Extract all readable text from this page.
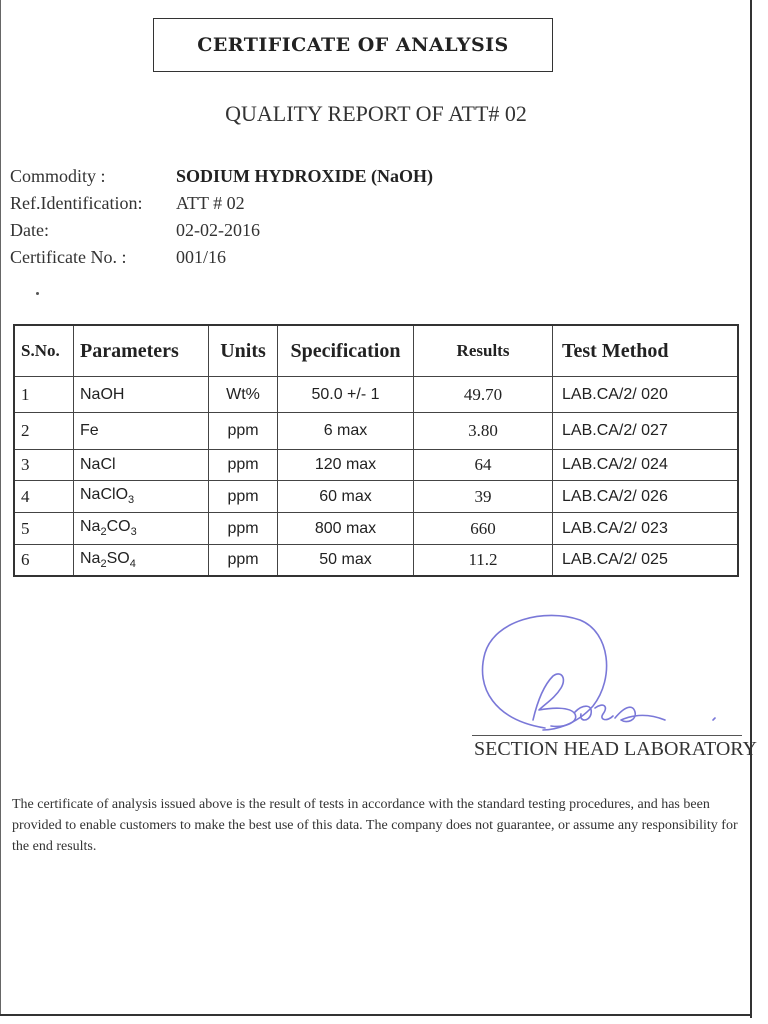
CERTIFICATE OF ANALYSIS
QUALITY REPORT OF ATT# 02
Commodity :	SODIUM HYDROXIDE (NaOH)
Ref.Identification: ATT # 02
Date:	02-02-2016
Certificate No. :	001/16
S.No.	Parameters	Units	Specification	Results	Test Method
1	NaOH	Wt%	50.0 +/- 1	49.70	LAB.CA/2/ 020
2	Fe	ppm	6 max	3.80	LAB.CA/2/ 027
3	NaCl	ppm	120 max	64	LAB.CA/2/ 024
4	NaClO$_3$	ppm	60 max	39	LAB.CA/2/ 026
5	$Na_2CO_3$	ppm	800 max	660	LAB.CA/2/ 023
6	$Na_2SO_4$	ppm	50 max	11.2	LAB.CA/2/ 025
SECTION HEAD LABORATORY
The certificate of analysis issued above is the result of tests in accordance with the standard testing procedures, and has been provided to enable customers to make the best use of this data. The company does not guarantee, or assume any responsibility for the end results.
